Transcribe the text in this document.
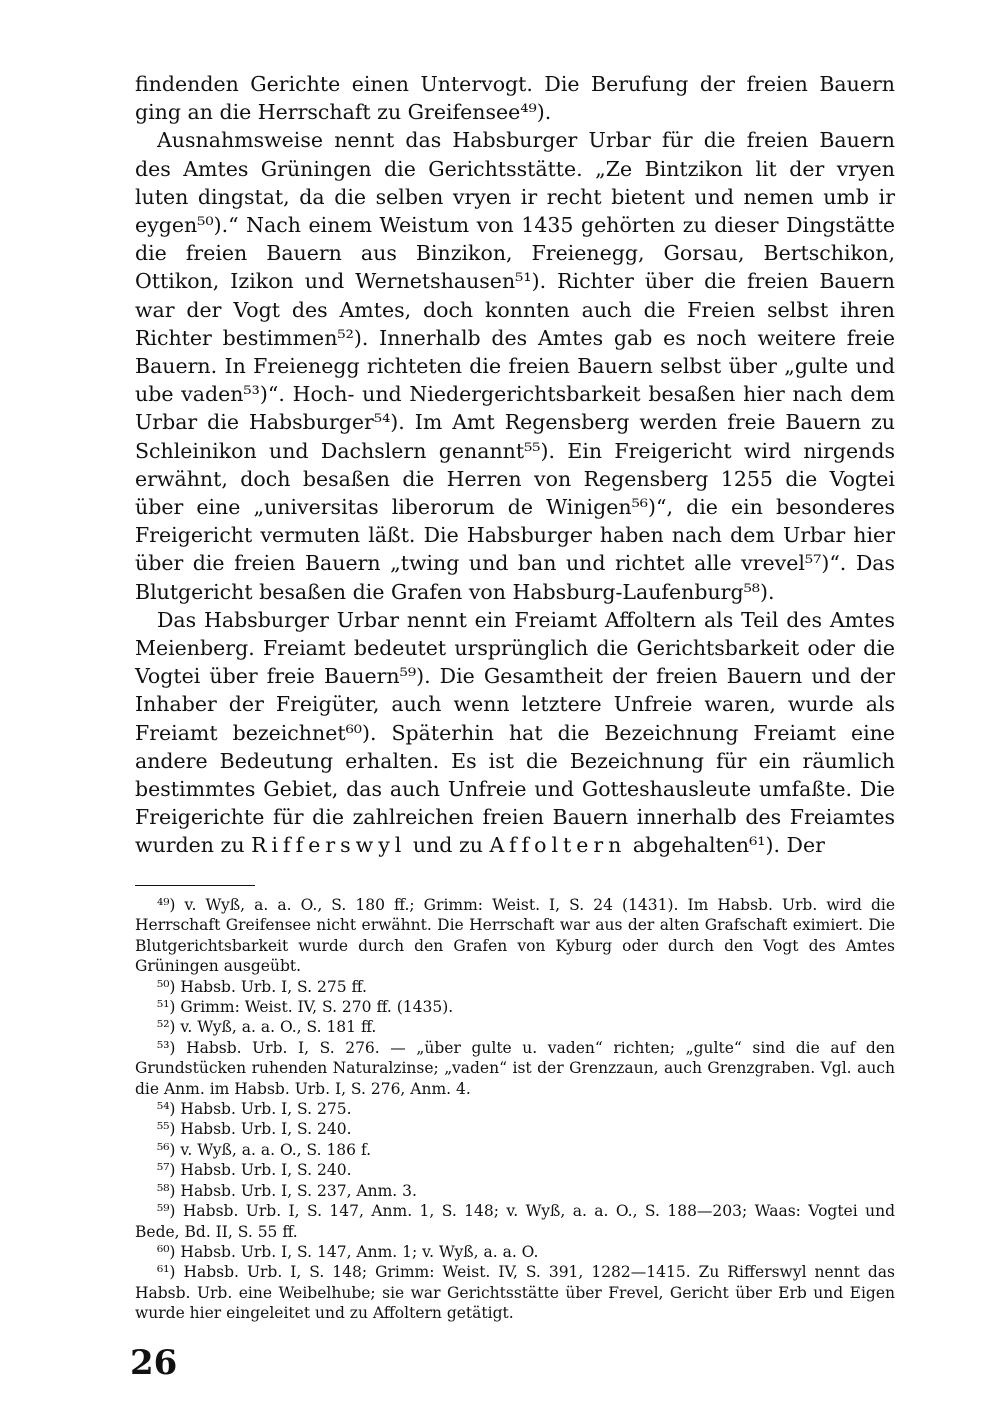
findenden Gerichte einen Untervogt. Die Berufung der freien Bauern ging an die Herrschaft zu Greifensee⁴⁹).

Ausnahmsweise nennt das Habsburger Urbar für die freien Bauern des Amtes Grüningen die Gerichtsstätte. „Ze Bintzikon lit der vryen luten dingstat, da die selben vryen ir recht bietent und nemen umb ir eygen⁵⁰).“ Nach einem Weistum von 1435 gehörten zu dieser Dingstätte die freien Bauern aus Binzikon, Freienegg, Gorsau, Bertschikon, Ottikon, Izikon und Wernetshausen⁵¹). Richter über die freien Bauern war der Vogt des Amtes, doch konnten auch die Freien selbst ihren Richter bestimmen⁵²). Innerhalb des Amtes gab es noch weitere freie Bauern. In Freienegg richteten die freien Bauern selbst über „gulte und ube vaden⁵³)“. Hoch- und Niedergerichtsbarkeit besaßen hier nach dem Urbar die Habsburger⁵⁴). Im Amt Regensberg werden freie Bauern zu Schleinikon und Dachslern genannt⁵⁵). Ein Freigericht wird nirgends erwähnt, doch besaßen die Herren von Regensberg 1255 die Vogtei über eine „universitas liberorum de Winigen⁵⁶)“, die ein besonderes Freigericht vermuten läßt. Die Habsburger haben nach dem Urbar hier über die freien Bauern „twing und ban und richtet alle vrevel⁵⁷)“. Das Blutgericht besaßen die Grafen von Habsburg-Laufenburg⁵⁸).

Das Habsburger Urbar nennt ein Freiamt Affoltern als Teil des Amtes Meienberg. Freiamt bedeutet ursprünglich die Gerichtsbarkeit oder die Vogtei über freie Bauern⁵⁹). Die Gesamtheit der freien Bauern und der Inhaber der Freigüter, auch wenn letztere Unfreie waren, wurde als Freiamt bezeichnet⁶⁰). Späterhin hat die Bezeichnung Freiamt eine andere Bedeutung erhalten. Es ist die Bezeichnung für ein räumlich bestimmtes Gebiet, das auch Unfreie und Gotteshausleute umfaßte. Die Freigerichte für die zahlreichen freien Bauern innerhalb des Freiamtes wurden zu Rifferswyl und zu Affoltern abgehalten⁶¹). Der

⁴⁹) v. Wyß, a. a. O., S. 180 ff.; Grimm: Weist. I, S. 24 (1431). Im Habsb. Urb. wird die Herrschaft Greifensee nicht erwähnt. Die Herrschaft war aus der alten Grafschaft eximiert. Die Blutgerichtsbarkeit wurde durch den Grafen von Kyburg oder durch den Vogt des Amtes Grüningen ausgeübt.

⁵⁰) Habsb. Urb. I, S. 275 ff.

⁵¹) Grimm: Weist. IV, S. 270 ff. (1435).

⁵²) v. Wyß, a. a. O., S. 181 ff.

⁵³) Habsb. Urb. I, S. 276. — „über gulte u. vaden“ richten; „gulte“ sind die auf den Grundstücken ruhenden Naturalzinse; „vaden“ ist der Grenzzaun, auch Grenzgraben. Vgl. auch die Anm. im Habsb. Urb. I, S. 276, Anm. 4.

⁵⁴) Habsb. Urb. I, S. 275.

⁵⁵) Habsb. Urb. I, S. 240.

⁵⁶) v. Wyß, a. a. O., S. 186 f.

⁵⁷) Habsb. Urb. I, S. 240.

⁵⁸) Habsb. Urb. I, S. 237, Anm. 3.

⁵⁹) Habsb. Urb. I, S. 147, Anm. 1, S. 148; v. Wyß, a. a. O., S. 188—203; Waas: Vogtei und Bede, Bd. II, S. 55 ff.

⁶⁰) Habsb. Urb. I, S. 147, Anm. 1; v. Wyß, a. a. O.

⁶¹) Habsb. Urb. I, S. 148; Grimm: Weist. IV, S. 391, 1282—1415. Zu Rifferswyl nennt das Habsb. Urb. eine Weibelhube; sie war Gerichtsstätte über Frevel, Gericht über Erb und Eigen wurde hier eingeleitet und zu Affoltern getätigt.

26
